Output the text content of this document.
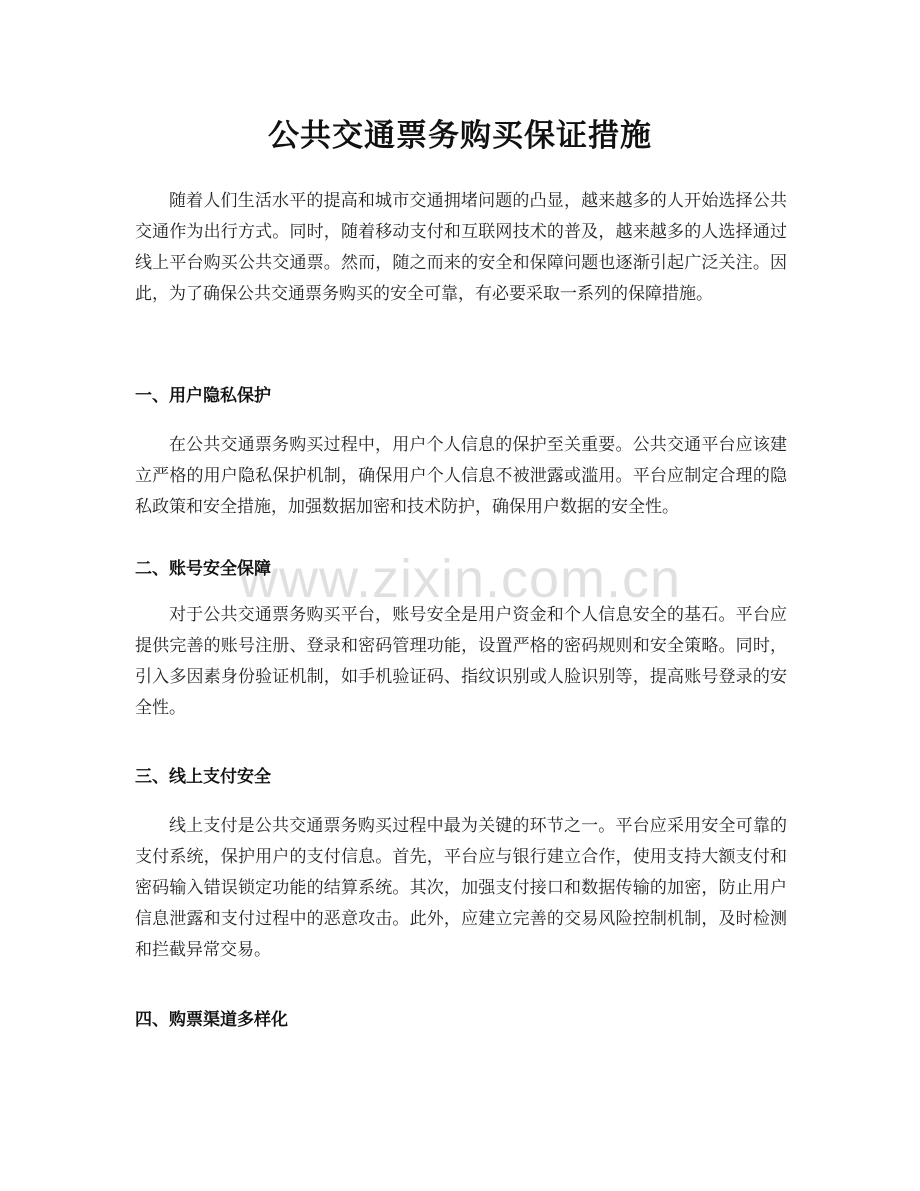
公共交通票务购买保证措施

随着人们生活水平的提高和城市交通拥堵问题的凸显，越来越多的人开始选择公共交通作为出行方式。同时，随着移动支付和互联网技术的普及，越来越多的人选择通过线上平台购买公共交通票。然而，随之而来的安全和保障问题也逐渐引起广泛关注。因此，为了确保公共交通票务购买的安全可靠，有必要采取一系列的保障措施。

一、用户隐私保护

在公共交通票务购买过程中，用户个人信息的保护至关重要。公共交通平台应该建立严格的用户隐私保护机制，确保用户个人信息不被泄露或滥用。平台应制定合理的隐私政策和安全措施，加强数据加密和技术防护，确保用户数据的安全性。

二、账号安全保障

对于公共交通票务购买平台，账号安全是用户资金和个人信息安全的基石。平台应提供完善的账号注册、登录和密码管理功能，设置严格的密码规则和安全策略。同时，引入多因素身份验证机制，如手机验证码、指纹识别或人脸识别等，提高账号登录的安全性。

三、线上支付安全

线上支付是公共交通票务购买过程中最为关键的环节之一。平台应采用安全可靠的支付系统，保护用户的支付信息。首先，平台应与银行建立合作，使用支持大额支付和密码输入错误锁定功能的结算系统。其次，加强支付接口和数据传输的加密，防止用户信息泄露和支付过程中的恶意攻击。此外，应建立完善的交易风险控制机制，及时检测和拦截异常交易。

四、购票渠道多样化
www.zixin.com.cn
